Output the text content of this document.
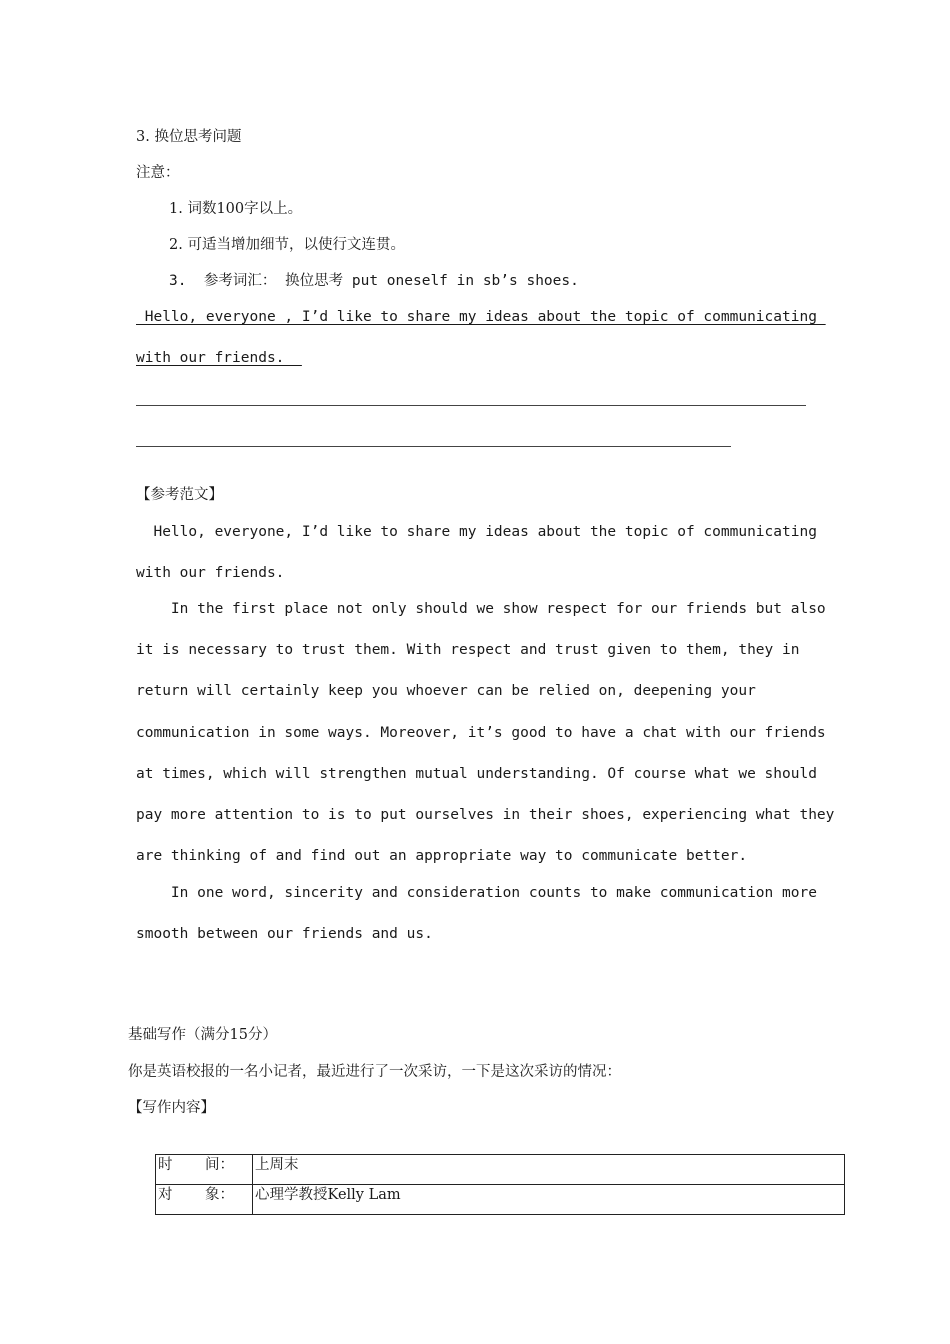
3. 换位思考问题
注意：
1. 词数100字以上。
2. 可适当增加细节，以使行文连贯。
3.  参考词汇： 换位思考 put oneself in sb’s shoes.
Hello, everyone , I’d like to share my ideas about the topic of communicating
with our friends.
【参考范文】
Hello, everyone, I’d like to share my ideas about the topic of communicating
with our friends.
In the first place not only should we show respect for our friends but also
it is necessary to trust them. With respect and trust given to them, they in
return will certainly keep you whoever can be relied on, deepening your
communication in some ways. Moreover, it’s good to have a chat with our friends
at times, which will strengthen mutual understanding. Of course what we should
pay more attention to is to put ourselves in their shoes, experiencing what they
are thinking of and find out an appropriate way to communicate better.
In one word, sincerity and consideration counts to make communication more
smooth between our friends and us.
基础写作（满分15分）
你是英语校报的一名小记者，最近进行了一次采访，一下是这次采访的情况：
【写作内容】
时 间：	上周末

对 象：	心理学教授Kelly Lam
